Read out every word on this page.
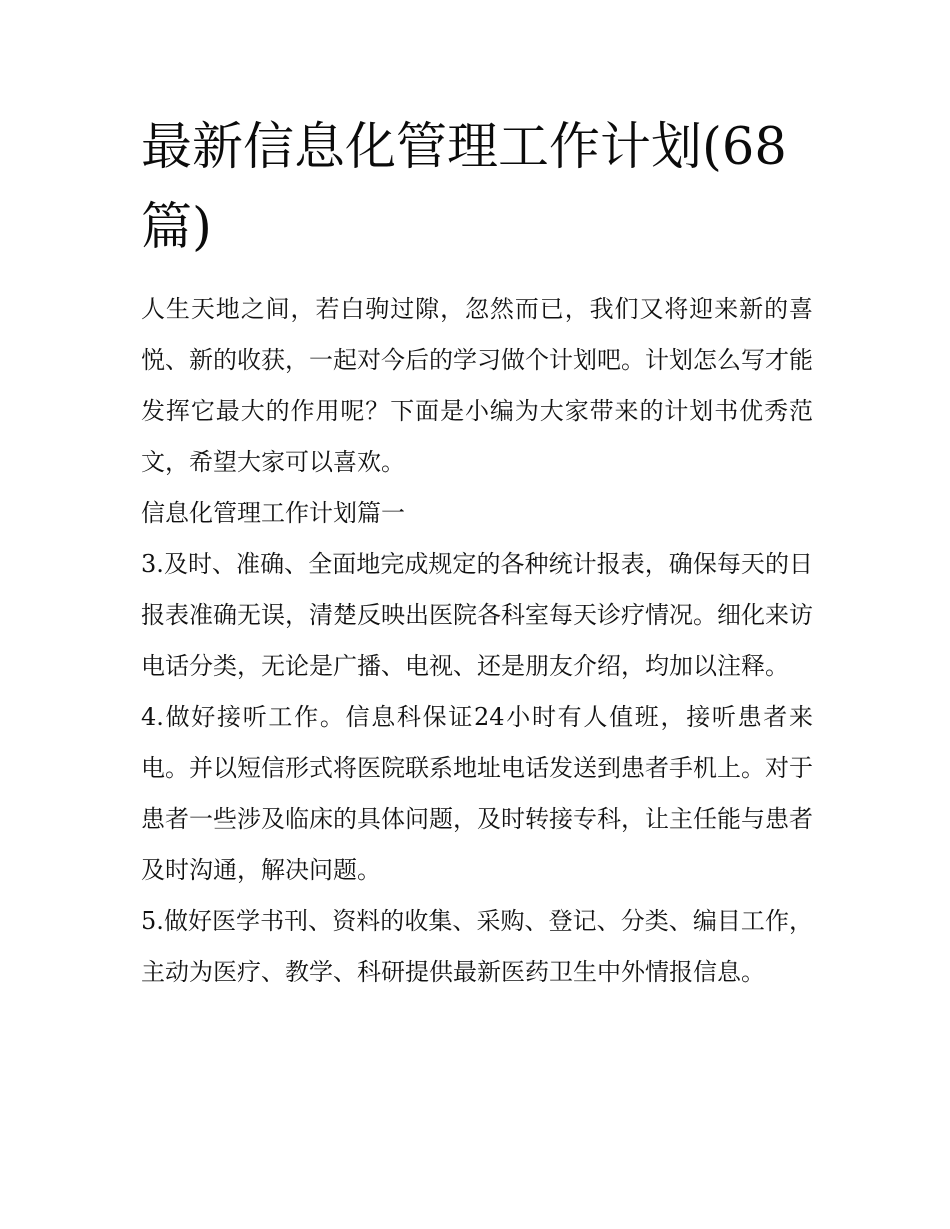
最新信息化管理工作计划(68篇)

人生天地之间，若白驹过隙，忽然而已，我们又将迎来新的喜悦、新的收获，一起对今后的学习做个计划吧。计划怎么写才能发挥它最大的作用呢？下面是小编为大家带来的计划书优秀范文，希望大家可以喜欢。

信息化管理工作计划篇一

3.及时、准确、全面地完成规定的各种统计报表，确保每天的日报表准确无误，清楚反映出医院各科室每天诊疗情况。细化来访电话分类，无论是广播、电视、还是朋友介绍，均加以注释。

4.做好接听工作。信息科保证24小时有人值班，接听患者来电。并以短信形式将医院联系地址电话发送到患者手机上。对于患者一些涉及临床的具体问题，及时转接专科，让主任能与患者及时沟通，解决问题。

5.做好医学书刊、资料的收集、采购、登记、分类、编目工作，主动为医疗、教学、科研提供最新医药卫生中外情报信息。
